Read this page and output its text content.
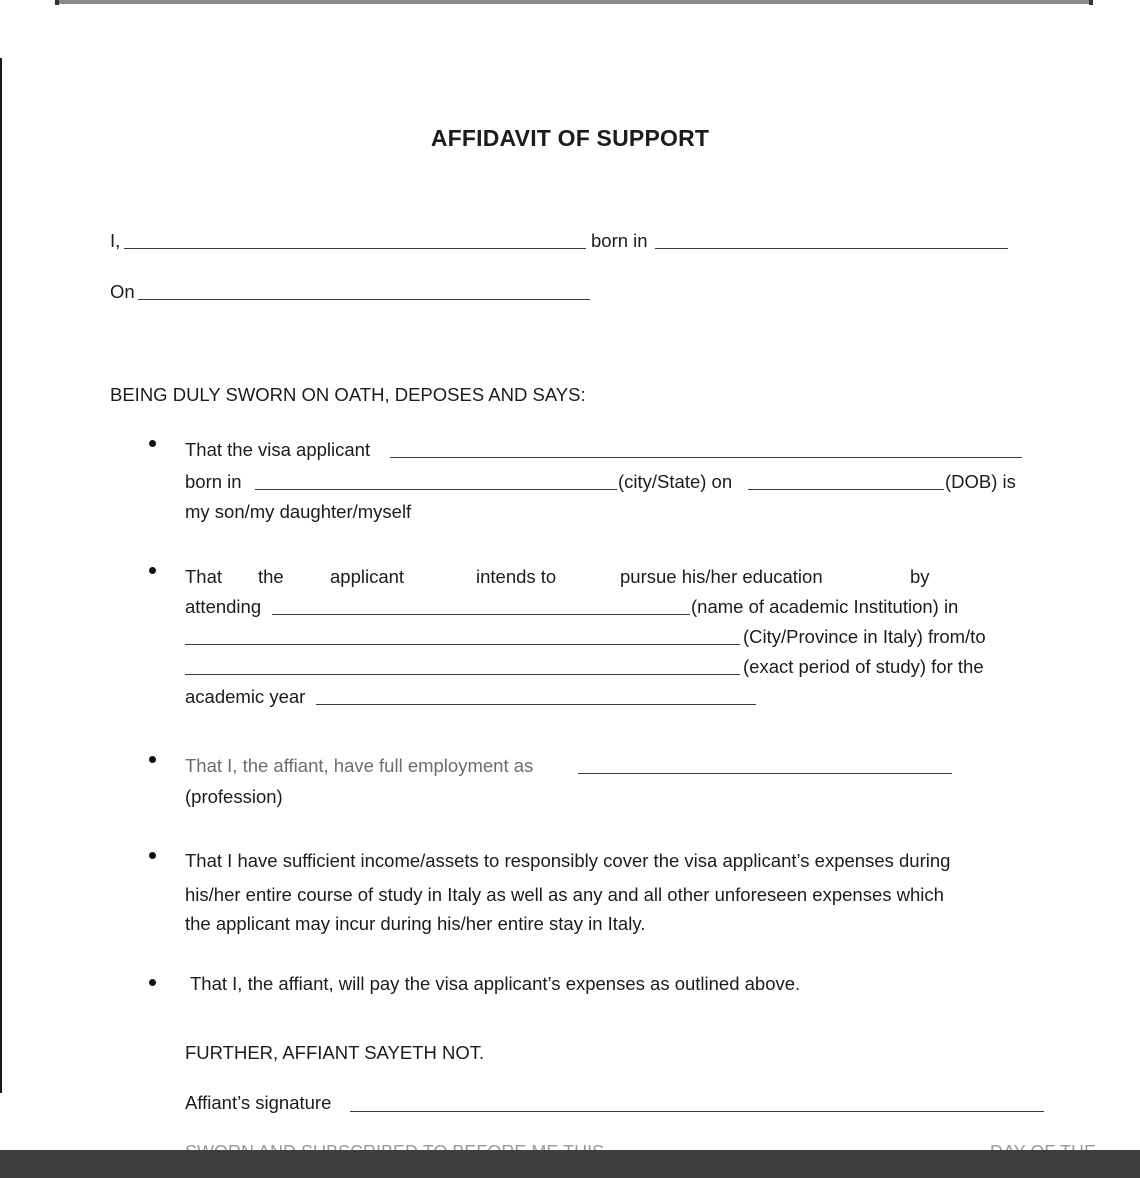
AFFIDAVIT OF SUPPORT
I,	born in
On
BEING DULY SWORN ON OATH, DEPOSES AND SAYS:
That the visa applicant
born in	(city/State) on	(DOB) is
my son/my daughter/myself
That the	applicant	intends to	pursue his/her education	by
attending	(name of academic Institution) in
(City/Province in Italy) from/to
(exact period of study) for the
academic year
That I, the affiant, have full employment as
(profession)
That I have sufficient income/assets to responsibly cover the visa applicant’s expenses during
his/her entire course of study in Italy as well as any and all other unforeseen expenses which
the applicant may incur during his/her entire stay in Italy.
That I, the affiant, will pay the visa applicant’s expenses as outlined above.
FURTHER, AFFIANT SAYETH NOT.
Affiant’s signature
